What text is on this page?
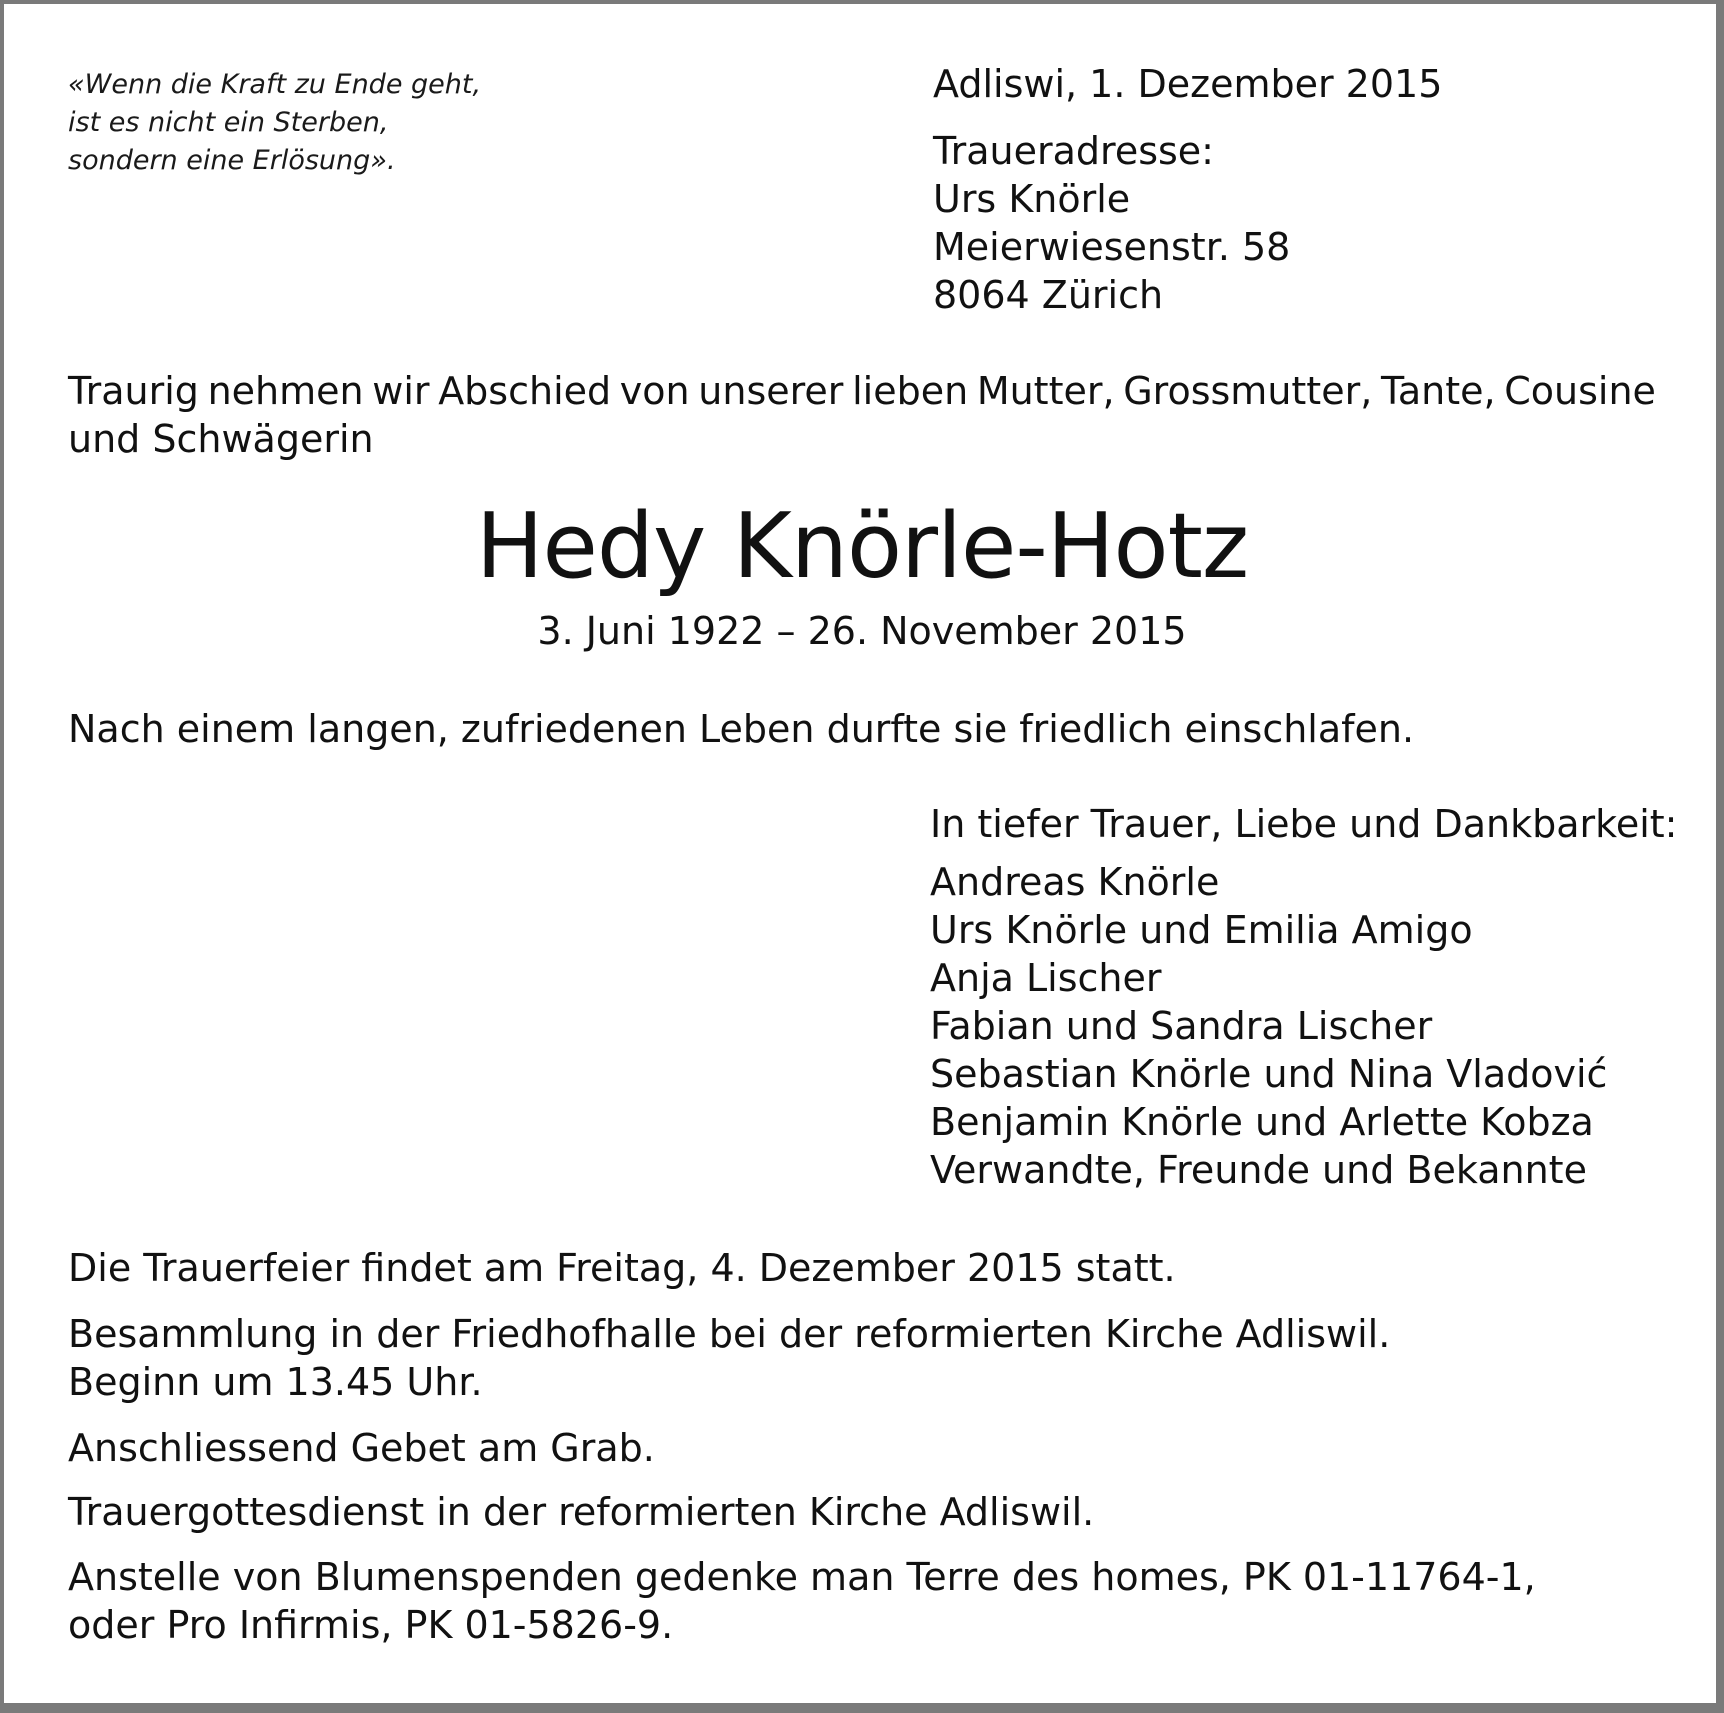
«Wenn die Kraft zu Ende geht,
ist es nicht ein Sterben,
sondern eine Erlösung».
Adliswi, 1. Dezember 2015
Traueradresse:
Urs Knörle
Meierwiesenstr. 58
8064 Zürich
Traurig nehmen wir Abschied von unserer lieben Mutter, Grossmutter, Tante, Cousine
und Schwägerin
Hedy Knörle-Hotz
3. Juni 1922 – 26. November 2015
Nach einem langen, zufriedenen Leben durfte sie friedlich einschlafen.
In tiefer Trauer, Liebe und Dankbarkeit:
Andreas Knörle
Urs Knörle und Emilia Amigo
Anja Lischer
Fabian und Sandra Lischer
Sebastian Knörle und Nina Vladović
Benjamin Knörle und Arlette Kobza
Verwandte, Freunde und Bekannte
Die Trauerfeier findet am Freitag, 4. Dezember 2015 statt.
Besammlung in der Friedhofhalle bei der reformierten Kirche Adliswil.
Beginn um 13.45 Uhr.
Anschliessend Gebet am Grab.
Trauergottesdienst in der reformierten Kirche Adliswil.
Anstelle von Blumenspenden gedenke man Terre des homes, PK 01-11764-1,
oder Pro Infirmis, PK 01-5826-9.
